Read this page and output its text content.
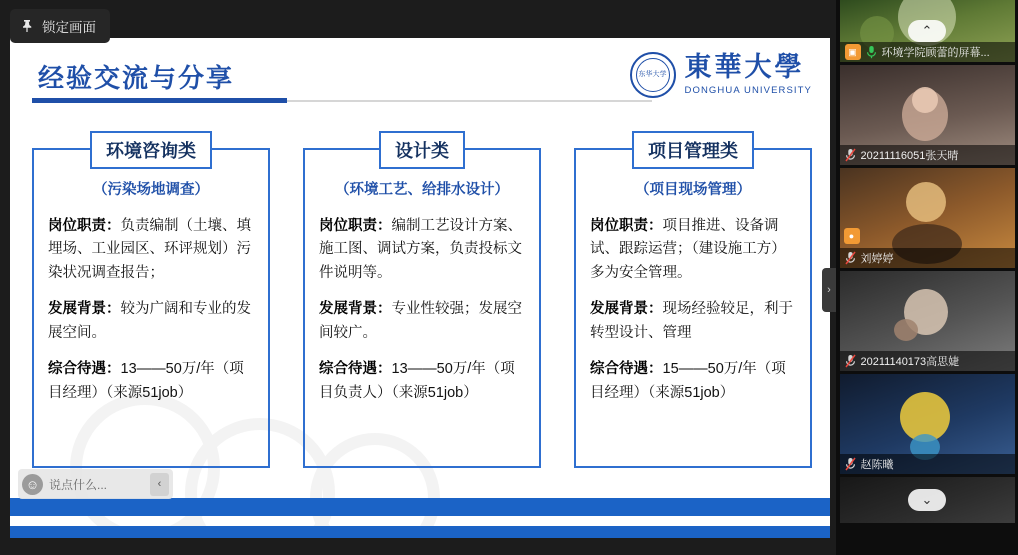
锁定画面
经验交流与分享	东华大学 東華大學
DONGHUA UNIVERSITY
环境咨询类
（污染场地调查）
岗位职责：负责编制（土壤、填埋场、工业园区、环评规划）污染状况调查报告；
发展背景：较为广阔和专业的发展空间。
综合待遇：13——50万/年（项目经理）（来源51job）
设计类
（环境工艺、给排水设计）
岗位职责：编制工艺设计方案、施工图、调试方案，负责投标文件说明等。
发展背景：专业性较强；发展空间较广。
综合待遇：13——50万/年（项目负责人）（来源51job）
项目管理类
（项目现场管理）
岗位职责：项目推进、设备调试、跟踪运营；（建设施工方）多为安全管理。
发展背景：现场经验较足，利于转型设计、管理
综合待遇：15——50万/年（项目经理）（来源51job）
☺ 说点什么...	‹
›
⌃
▣	环境学院顾蕾的屏幕...
20211116051张天晴
●
刘婷婷
20211140173高思婕
赵陈曦
⌄
